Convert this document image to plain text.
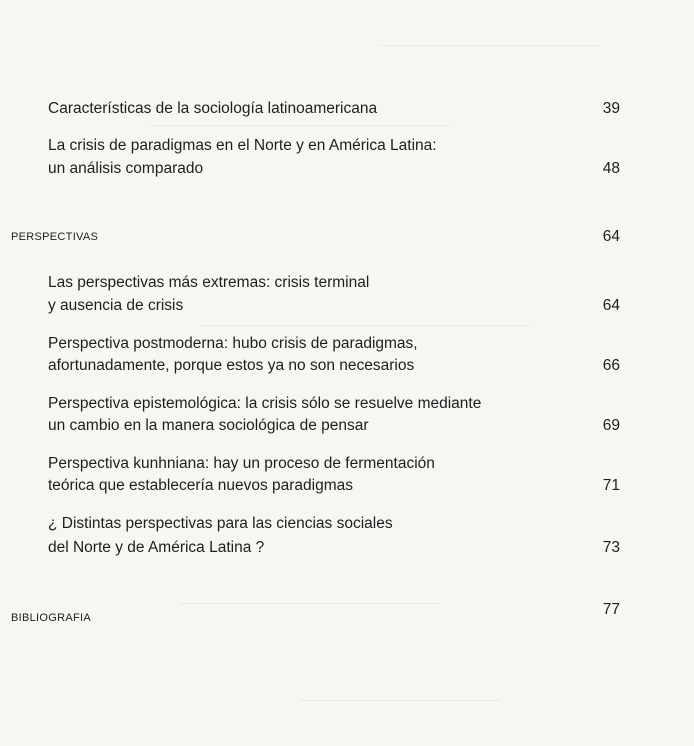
Características de la sociología latinoamericana	39
La crisis de paradigmas en el Norte y en América Latina:
un análisis comparado	48
PERSPECTIVAS	64
Las perspectivas más extremas: crisis terminal
y ausencia de crisis	64
Perspectiva postmoderna: hubo crisis de paradigmas,
afortunadamente, porque estos ya no son necesarios	66
Perspectiva epistemológica: la crisis sólo se resuelve mediante
un cambio en la manera sociológica de pensar	69
Perspectiva kunhniana: hay un proceso de fermentación
teórica que establecería nuevos paradigmas	71
¿ Distintas perspectivas para las ciencias sociales
del Norte y de América Latina ?	73
BIBLIOGRAFIA	77
